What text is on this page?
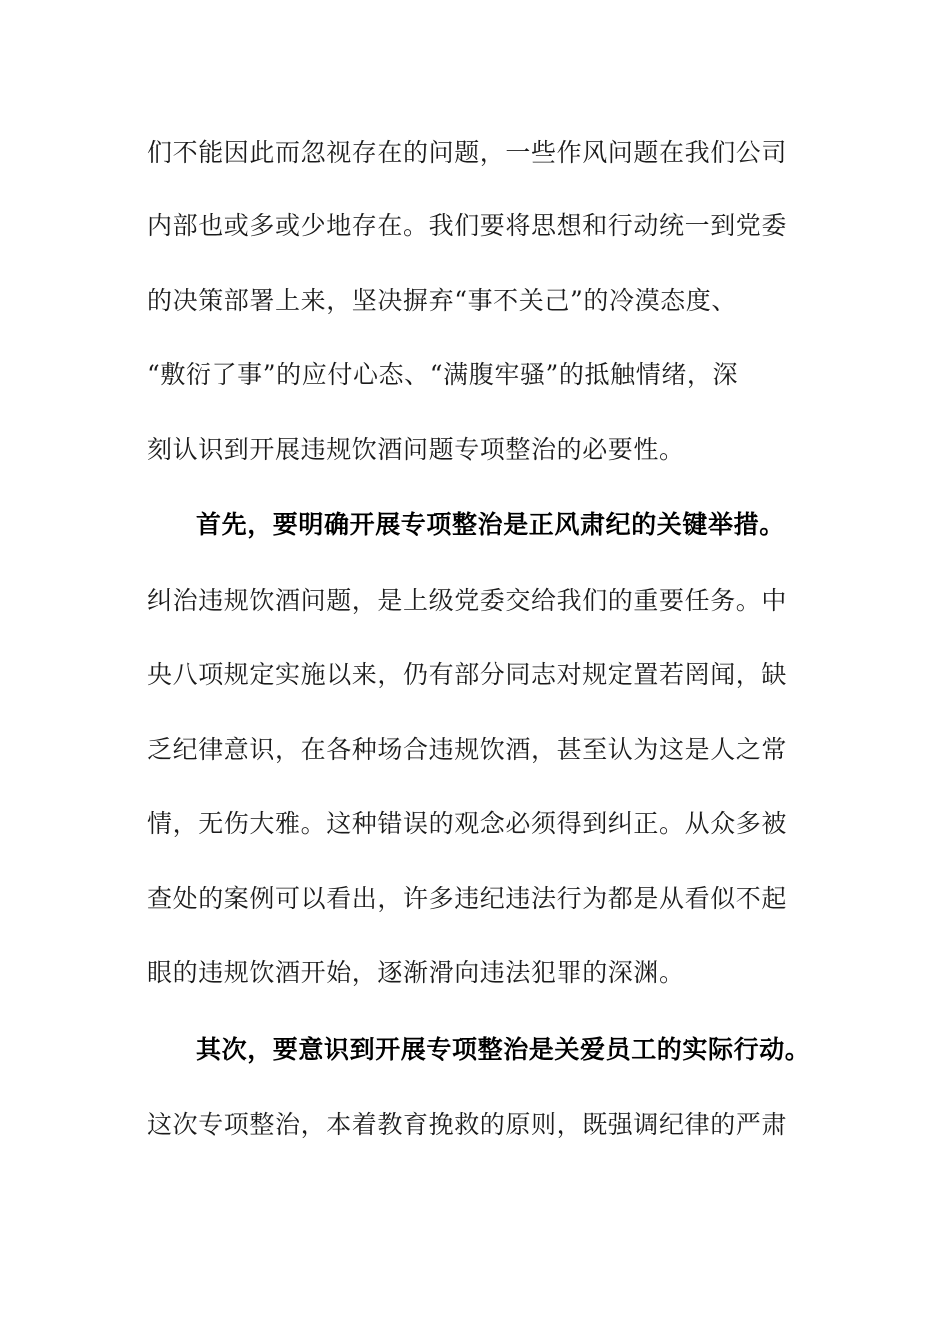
们不能因此而忽视存在的问题，一些作风问题在我们公司
内部也或多或少地存在。我们要将思想和行动统一到党委
的决策部署上来，坚决摒弃“事不关己”的冷漠态度、
“敷衍了事”的应付心态、“满腹牢骚”的抵触情绪，深
刻认识到开展违规饮酒问题专项整治的必要性。
首先，要明确开展专项整治是正风肃纪的关键举措。
纠治违规饮酒问题，是上级党委交给我们的重要任务。中
央八项规定实施以来，仍有部分同志对规定置若罔闻，缺
乏纪律意识，在各种场合违规饮酒，甚至认为这是人之常
情，无伤大雅。这种错误的观念必须得到纠正。从众多被
查处的案例可以看出，许多违纪违法行为都是从看似不起
眼的违规饮酒开始，逐渐滑向违法犯罪的深渊。
其次，要意识到开展专项整治是关爱员工的实际行动。
这次专项整治，本着教育挽救的原则，既强调纪律的严肃
